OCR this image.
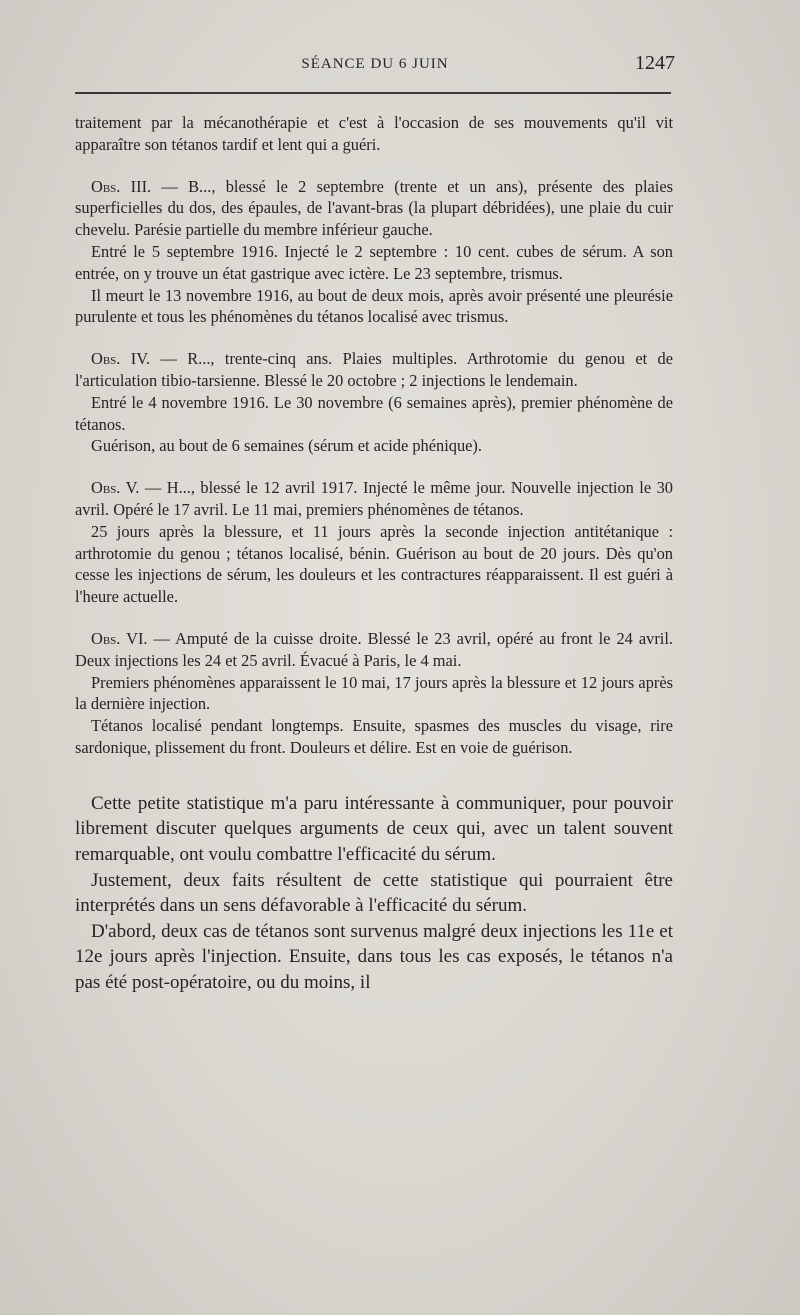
SÉANCE DU 6 JUIN	1247

traitement par la mécanothérapie et c'est à l'occasion de ses mouvements qu'il vit apparaître son tétanos tardif et lent qui a guéri.

Obs. III. — B..., blessé le 2 septembre (trente et un ans), présente des plaies superficielles du dos, des épaules, de l'avant-bras (la plupart débridées), une plaie du cuir chevelu. Parésie partielle du membre inférieur gauche.

Entré le 5 septembre 1916. Injecté le 2 septembre : 10 cent. cubes de sérum. A son entrée, on y trouve un état gastrique avec ictère. Le 23 septembre, trismus.

Il meurt le 13 novembre 1916, au bout de deux mois, après avoir présenté une pleurésie purulente et tous les phénomènes du tétanos localisé avec trismus.

Obs. IV. — R..., trente-cinq ans. Plaies multiples. Arthrotomie du genou et de l'articulation tibio-tarsienne. Blessé le 20 octobre ; 2 injections le lendemain.

Entré le 4 novembre 1916. Le 30 novembre (6 semaines après), premier phénomène de tétanos.

Guérison, au bout de 6 semaines (sérum et acide phénique).

Obs. V. — H..., blessé le 12 avril 1917. Injecté le même jour. Nouvelle injection le 30 avril. Opéré le 17 avril. Le 11 mai, premiers phénomènes de tétanos.

25 jours après la blessure, et 11 jours après la seconde injection antitétanique : arthrotomie du genou ; tétanos localisé, bénin. Guérison au bout de 20 jours. Dès qu'on cesse les injections de sérum, les douleurs et les contractures réapparaissent. Il est guéri à l'heure actuelle.

Obs. VI. — Amputé de la cuisse droite. Blessé le 23 avril, opéré au front le 24 avril. Deux injections les 24 et 25 avril. Évacué à Paris, le 4 mai.

Premiers phénomènes apparaissent le 10 mai, 17 jours après la blessure et 12 jours après la dernière injection.

Tétanos localisé pendant longtemps. Ensuite, spasmes des muscles du visage, rire sardonique, plissement du front. Douleurs et délire. Est en voie de guérison.

Cette petite statistique m'a paru intéressante à communiquer, pour pouvoir librement discuter quelques arguments de ceux qui, avec un talent souvent remarquable, ont voulu combattre l'efficacité du sérum.

Justement, deux faits résultent de cette statistique qui pourraient être interprétés dans un sens défavorable à l'efficacité du sérum.

D'abord, deux cas de tétanos sont survenus malgré deux injections les 11e et 12e jours après l'injection. Ensuite, dans tous les cas exposés, le tétanos n'a pas été post-opératoire, ou du moins, il
